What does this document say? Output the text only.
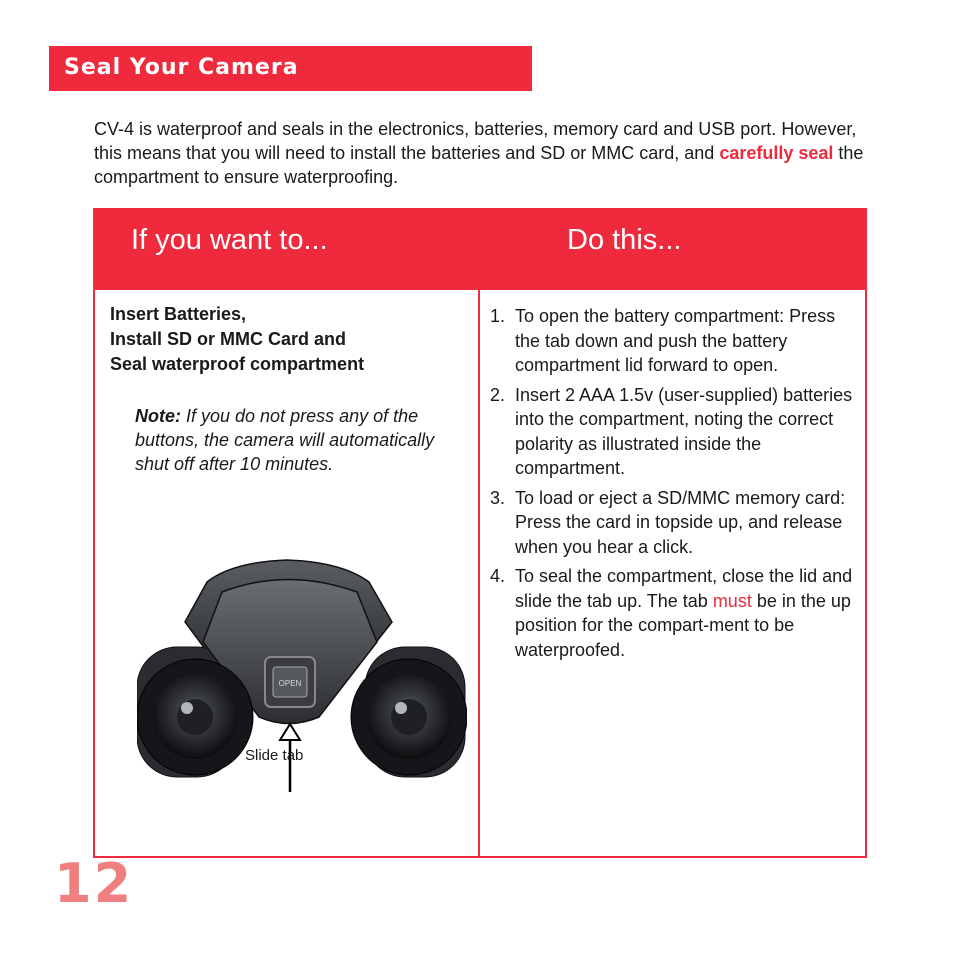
Seal Your Camera

CV-4 is waterproof and seals in the electronics, batteries, memory card and USB port. However, this means that you will need to install the batteries and SD or MMC card, and carefully seal the compartment to ensure waterproofing.

If you want to...	Do this...
Insert Batteries,
Install SD or MMC Card and
Seal waterproof compartment
Note: If you do not press any of the buttons, the camera will automatically shut off after 10 minutes.
OPEN
Slide tab
1. To open the battery compartment: Press the tab down and push the battery compartment lid forward to open.
2. Insert 2 AAA 1.5v (user-supplied) batteries into the compartment, noting the correct polarity as illustrated inside the compartment.
3. To load or eject a SD/MMC memory card: Press the card in topside up, and release when you hear a click.
4. To seal the compartment, close the lid and slide the tab up. The tab must be in the up position for the compart-ment to be waterproofed.
12
